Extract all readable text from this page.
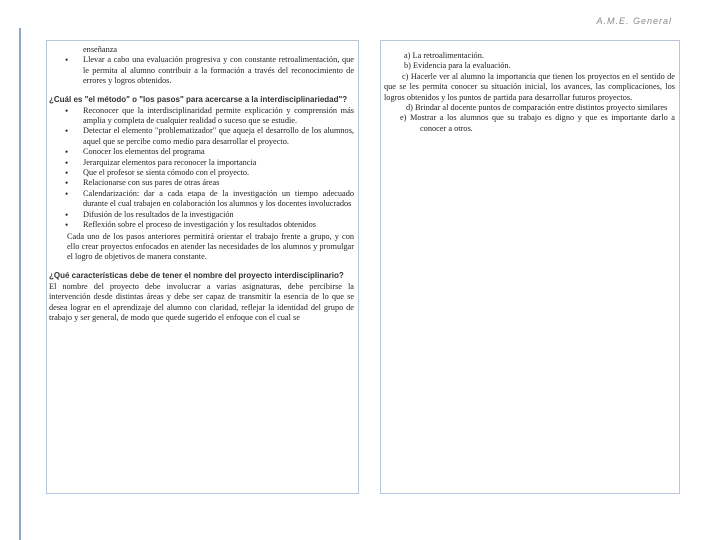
A.M.E. General
enseñanza
• Llevar a cabo una evaluación progresiva y con constante retroalimentación, que le permita al alumno contribuir a la formación a través del reconocimiento de errores y logros obtenidos.
¿Cuál es "el método" o "los pasos" para acercarse a la interdisciplinariedad"?
• Reconocer que la interdisciplinaridad permite explicación y comprensión más amplia y completa de cualquier realidad o suceso que se estudie.
• Detectar el elemento "problematizador" que aqueja el desarrollo de los alumnos, aquel que se percibe como medio para desarrollar el proyecto.
• Conocer los elementos del programa
• Jerarquizar elementos para reconocer la importancia
• Que el profesor se sienta cómodo con el proyecto.
• Relacionarse con sus pares de otras áreas
• Calendarización: dar a cada etapa de la investigación un tiempo adecuado durante el cual trabajen en colaboración los alumnos y los docentes involucrados
• Difusión de los resultados de la investigación
• Reflexión sobre el proceso de investigación y los resultados obtenidos
Cada uno de los pasos anteriores permitirá orientar el trabajo frente a grupo, y con ello crear proyectos enfocados en atender las necesidades de los alumnos y promulgar el logro de objetivos de manera constante.
¿Qué características debe de tener el nombre del proyecto interdisciplinario?
El nombre del proyecto debe involucrar a varias asignaturas, debe percibirse la intervención desde distintas áreas y debe ser capaz de transmitir la esencia de lo que se desea lograr en el aprendizaje del alumno con claridad, reflejar la identidad del grupo de trabajo y ser general, de modo que quede sugerido el enfoque con el cual se

a) La retroalimentación.

b) Evidencia para la evaluación.

c) Hacerle ver al alumno la importancia que tienen los proyectos en el sentido de que se les permita conocer su situación inicial, los avances, las complicaciones, los logros obtenidos y los puntos de partida para desarrollar futuros proyectos.

d) Brindar al docente puntos de comparación entre distintos proyecto similares

e) Mostrar a los alumnos que su trabajo es digno y que es importante darlo a conocer a otros.
